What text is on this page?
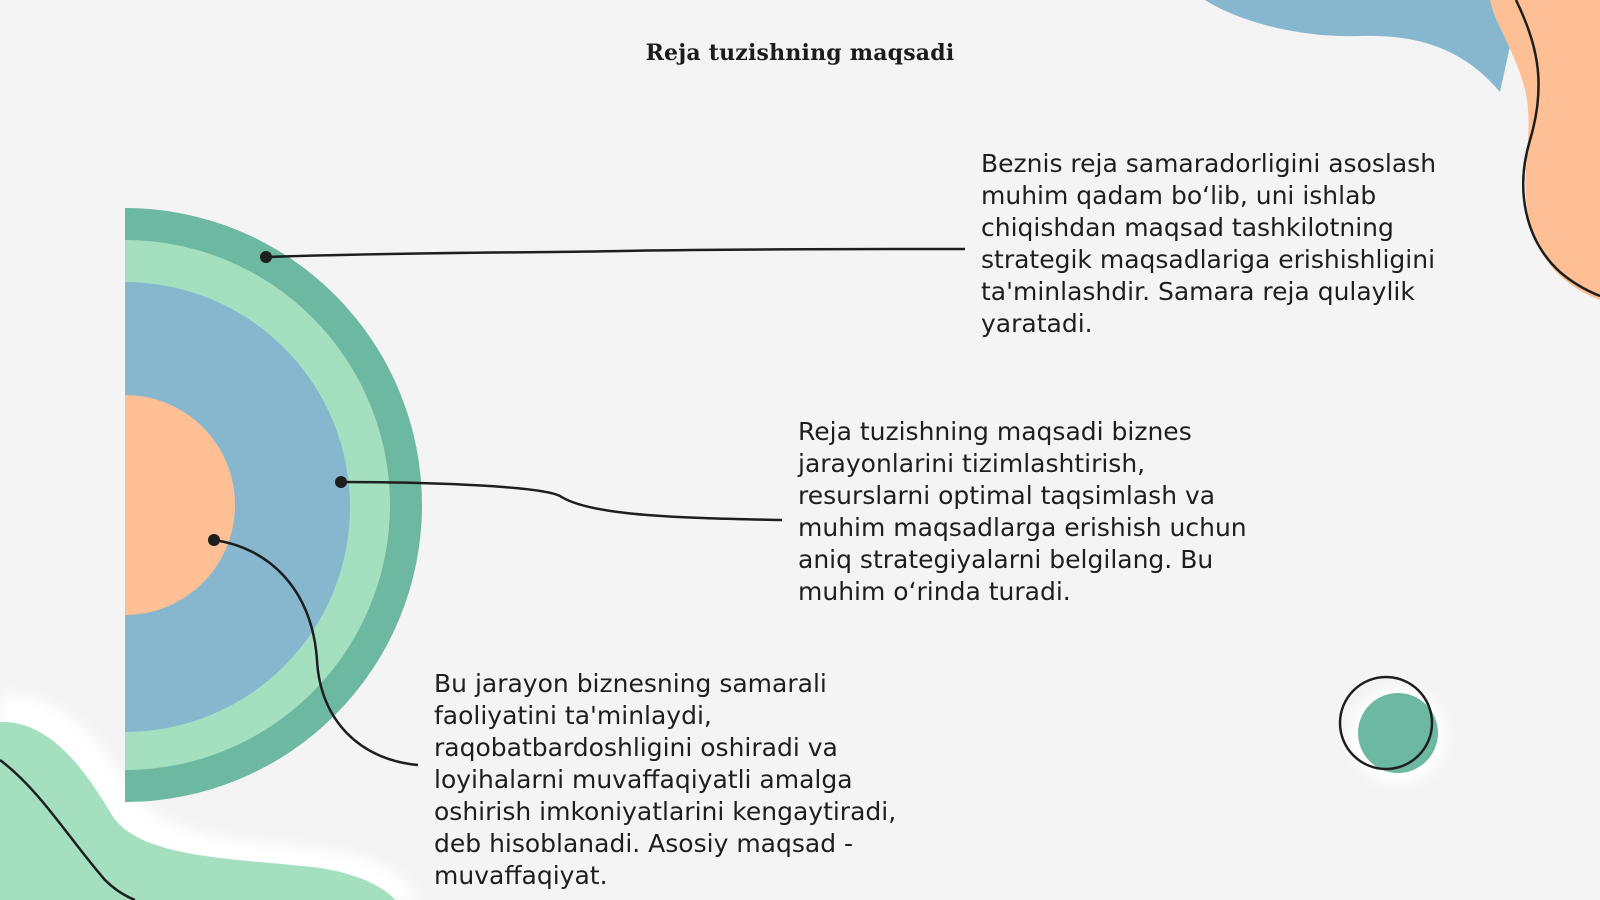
Reja tuzishning maqsadi

Beznis reja samaradorligini asoslash muhim qadam bo‘lib, uni ishlab chiqishdan maqsad tashkilotning strategik maqsadlariga erishishligini ta'minlashdir. Samara reja qulaylik yaratadi.

Reja tuzishning maqsadi biznes jarayonlarini tizimlashtirish, resurslarni optimal taqsimlash va muhim maqsadlarga erishish uchun aniq strategiyalarni belgilang. Bu muhim o‘rinda turadi.

Bu jarayon biznesning samarali faoliyatini ta'minlaydi, raqobatbardoshligini oshiradi va loyihalarni muvaffaqiyatli amalga oshirish imkoniyatlarini kengaytiradi, deb hisoblanadi. Asosiy maqsad - muvaffaqiyat.
